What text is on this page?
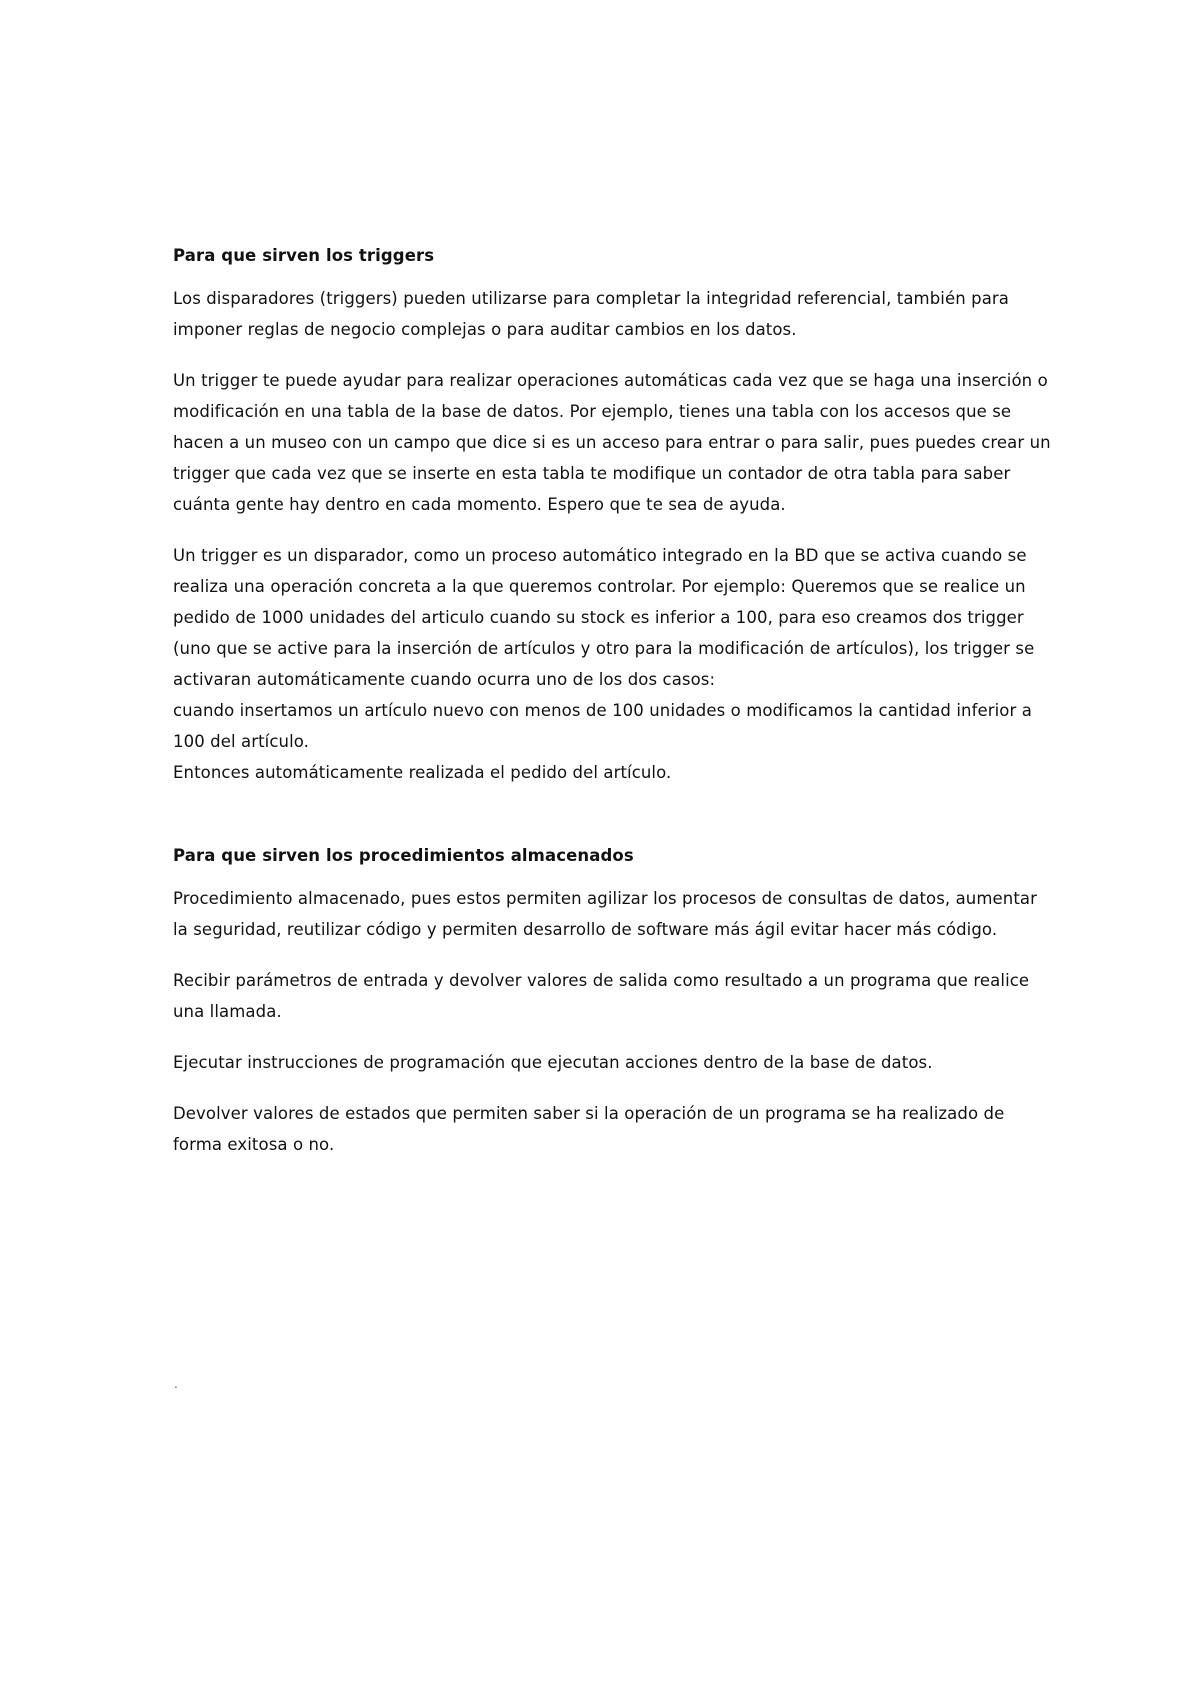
Para que sirven los triggers

Los disparadores (triggers) pueden utilizarse para completar la integridad referencial, también para imponer reglas de negocio complejas o para auditar cambios en los datos.

Un trigger te puede ayudar para realizar operaciones automáticas cada vez que se haga una inserción o modificación en una tabla de la base de datos. Por ejemplo, tienes una tabla con los accesos que se hacen a un museo con un campo que dice si es un acceso para entrar o para salir, pues puedes crear un trigger que cada vez que se inserte en esta tabla te modifique un contador de otra tabla para saber cuánta gente hay dentro en cada momento. Espero que te sea de ayuda.

Un trigger es un disparador, como un proceso automático integrado en la BD que se activa cuando se realiza una operación concreta a la que queremos controlar. Por ejemplo: Queremos que se realice un pedido de 1000 unidades del articulo cuando su stock es inferior a 100, para eso creamos dos trigger (uno que se active para la inserción de artículos y otro para la modificación de artículos), los trigger se activaran automáticamente cuando ocurra uno de los dos casos:

cuando insertamos un artículo nuevo con menos de 100 unidades o modificamos la cantidad inferior a 100 del artículo.

Entonces automáticamente realizada el pedido del artículo.

Para que sirven los procedimientos almacenados

Procedimiento almacenado, pues estos permiten agilizar los procesos de consultas de datos, aumentar la seguridad, reutilizar código y permiten desarrollo de software más ágil evitar hacer más código.

Recibir parámetros de entrada y devolver valores de salida como resultado a un programa que realice una llamada.

Ejecutar instrucciones de programación que ejecutan acciones dentro de la base de datos.

Devolver valores de estados que permiten saber si la operación de un programa se ha realizado de forma exitosa o no.

.
